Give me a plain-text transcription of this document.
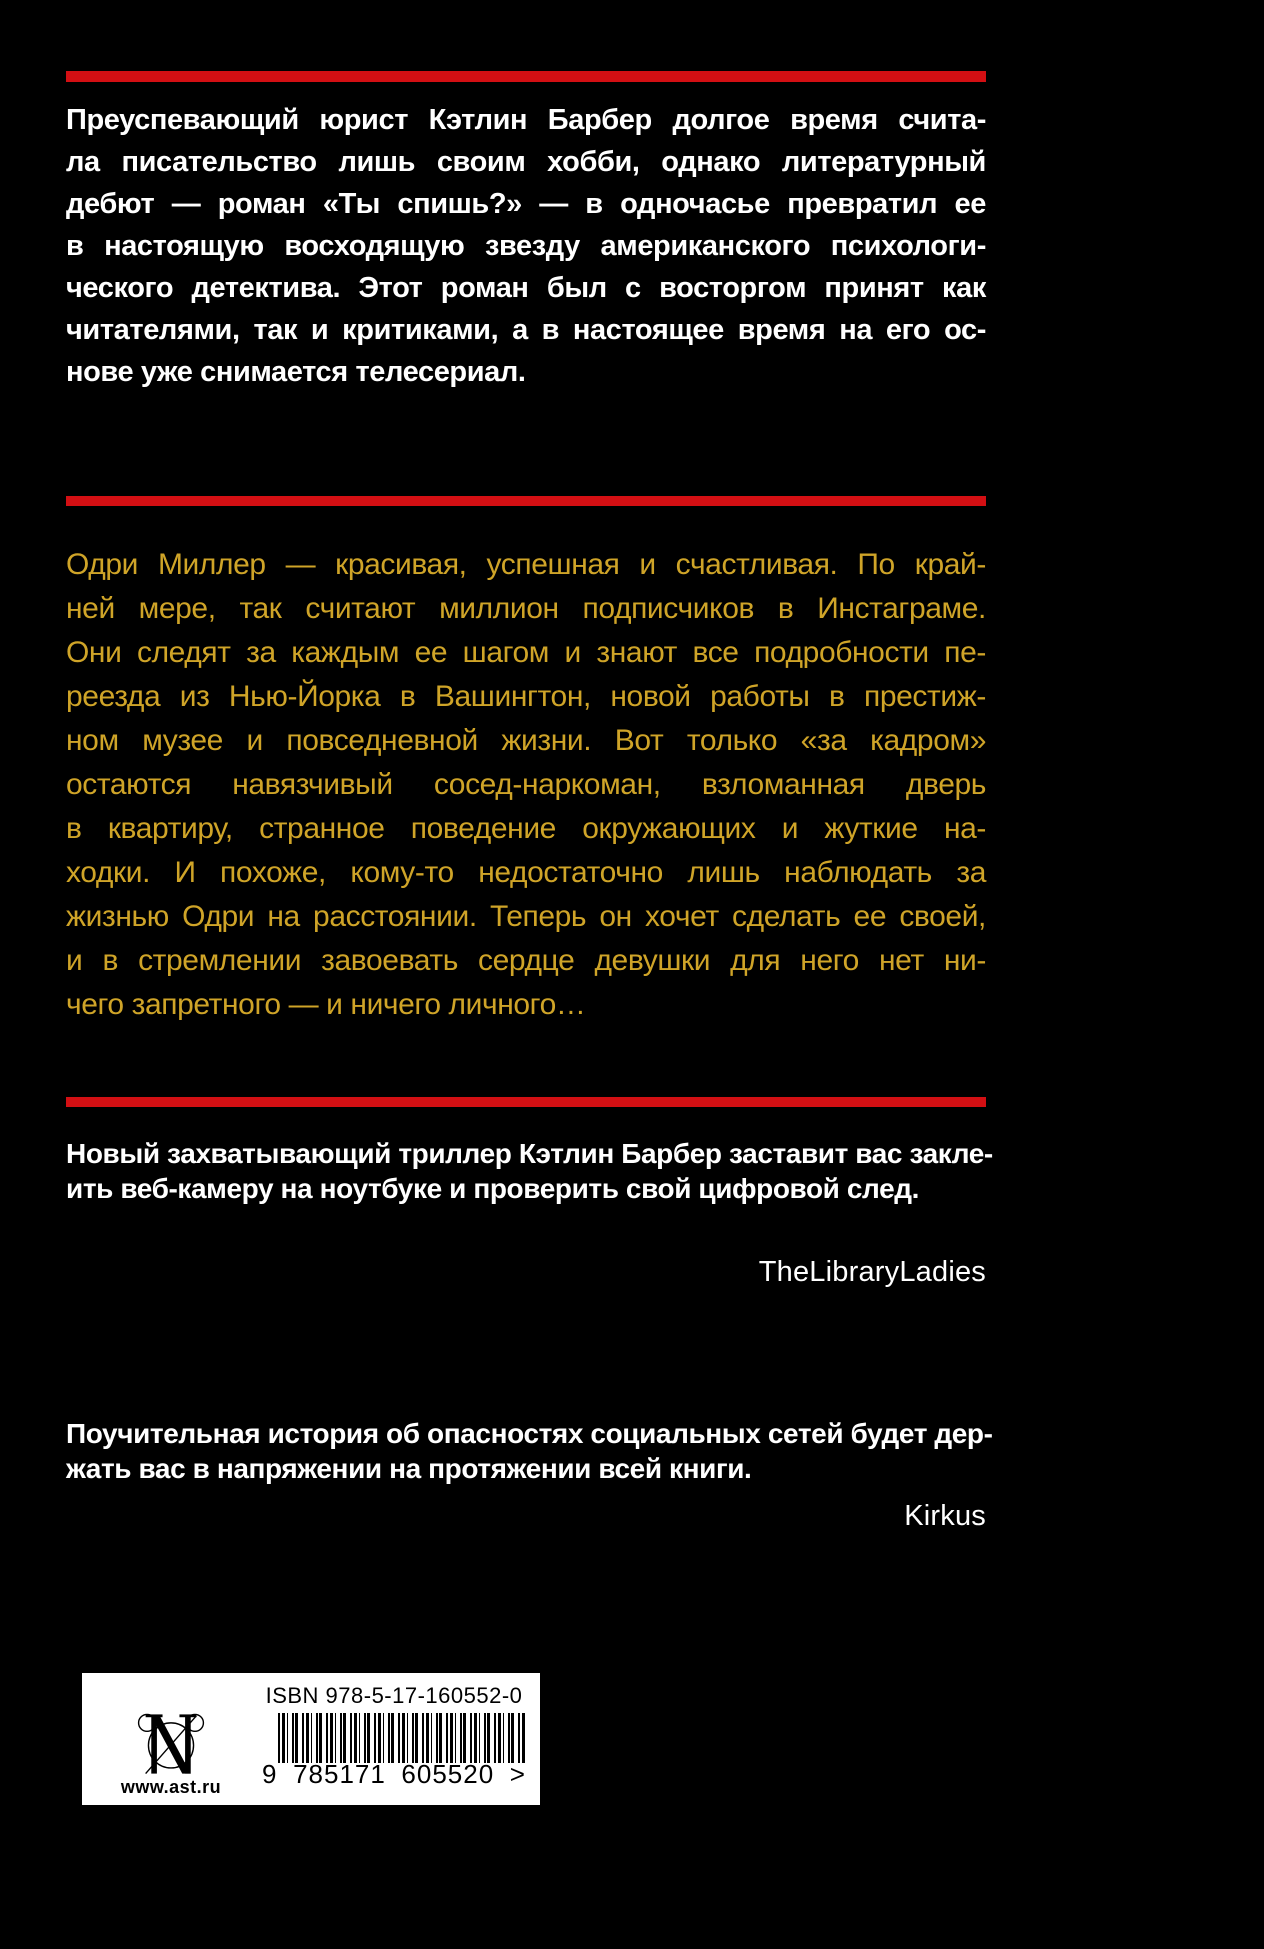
Преуспевающий юрист Кэтлин Барбер долгое время счита-
ла писательство лишь своим хобби, однако литературный
дебют — роман «Ты спишь?» — в одночасье превратил ее
в настоящую восходящую звезду американского психологи-
ческого детектива. Этот роман был с восторгом принят как
читателями, так и критиками, а в настоящее время на его ос-
нове уже снимается телесериал.
Одри Миллер — красивая, успешная и счастливая. По край-
ней мере, так считают миллион подписчиков в Инстаграме.
Они следят за каждым ее шагом и знают все подробности пе-
реезда из Нью-Йорка в Вашингтон, новой работы в престиж-
ном музее и повседневной жизни. Вот только «за кадром»
остаются навязчивый сосед-наркоман, взломанная дверь
в квартиру, странное поведение окружающих и жуткие на-
ходки. И похоже, кому-то недостаточно лишь наблюдать за
жизнью Одри на расстоянии. Теперь он хочет сделать ее своей,
и в стремлении завоевать сердце девушки для него нет ни-
чего запретного — и ничего личного…
Новый захватывающий триллер Кэтлин Барбер заставит вас закле-
ить веб-камеру на ноутбуке и проверить свой цифровой след.
TheLibraryLadies
Поучительная история об опасностях социальных сетей будет дер-
жать вас в напряжении на протяжении всей книги.
Kirkus
www.ast.ru
ISBN 978-5-17-160552-0
9 785171 605520 >
